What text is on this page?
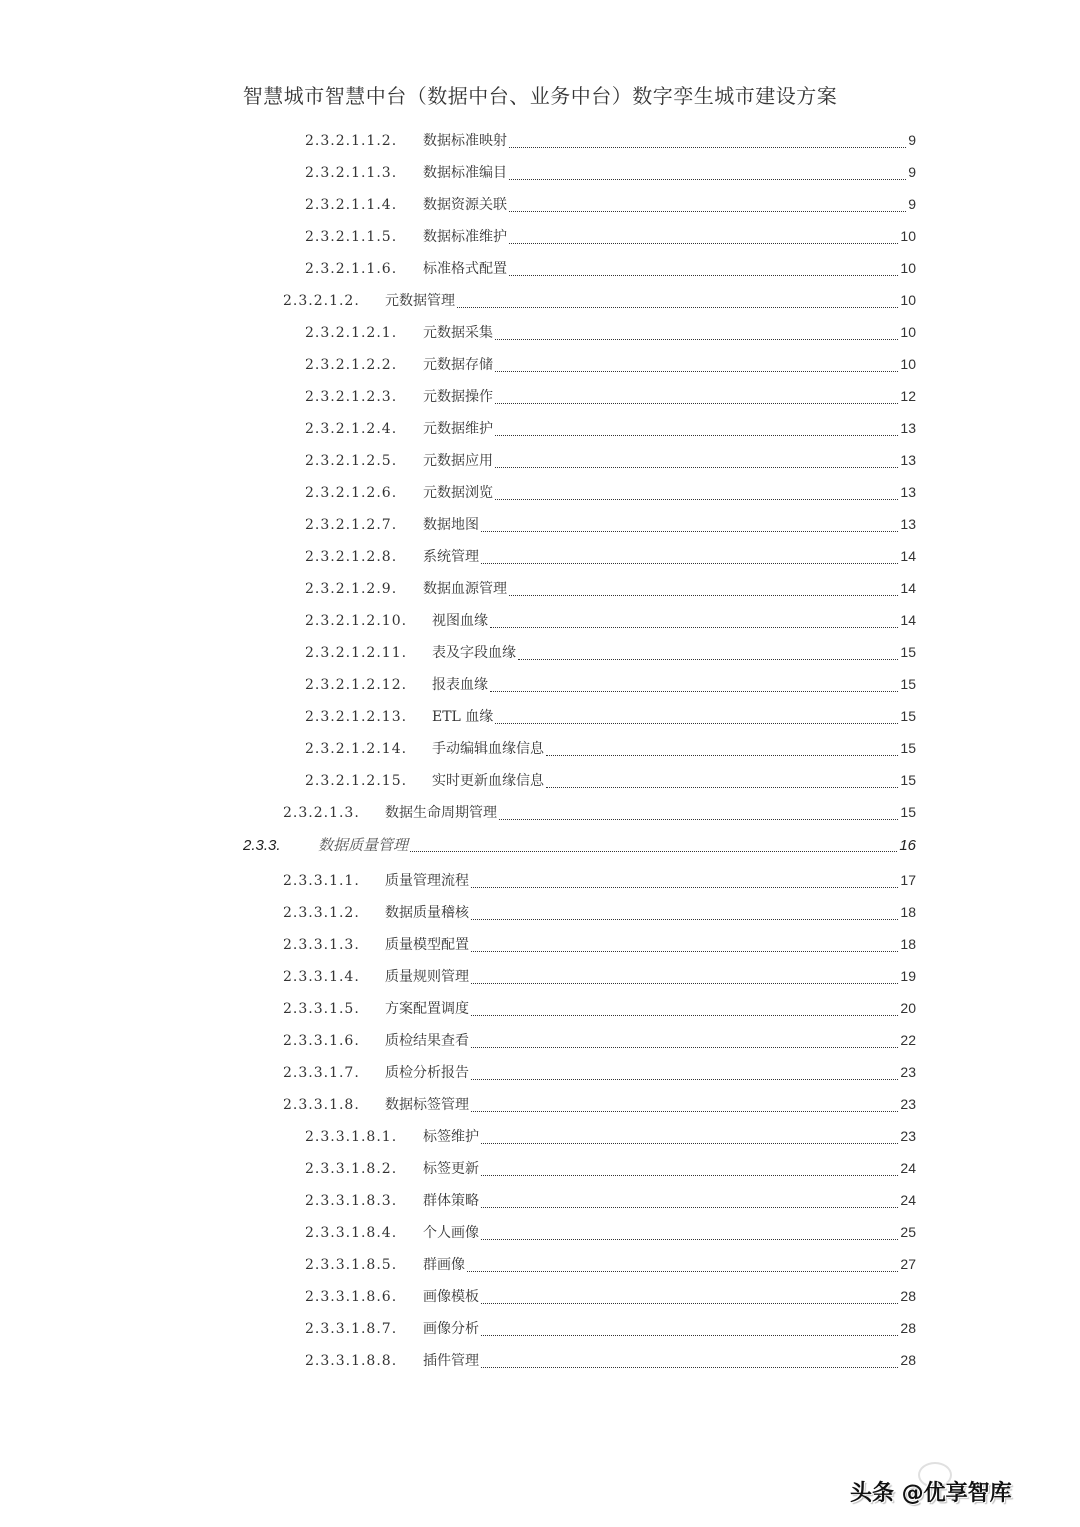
智慧城市智慧中台（数据中台、业务中台）数字孪生城市建设方案
2.3.2.1.1.2.	数据标准映射	9
2.3.2.1.1.3.	数据标准编目	9
2.3.2.1.1.4.	数据资源关联	9
2.3.2.1.1.5.	数据标准维护	10
2.3.2.1.1.6.	标准格式配置	10
2.3.2.1.2.	元数据管理	10
2.3.2.1.2.1.	元数据采集	10
2.3.2.1.2.2.	元数据存储	10
2.3.2.1.2.3.	元数据操作	12
2.3.2.1.2.4.	元数据维护	13
2.3.2.1.2.5.	元数据应用	13
2.3.2.1.2.6.	元数据浏览	13
2.3.2.1.2.7.	数据地图	13
2.3.2.1.2.8.	系统管理	14
2.3.2.1.2.9.	数据血源管理	14
2.3.2.1.2.10.	视图血缘	14
2.3.2.1.2.11.	表及字段血缘	15
2.3.2.1.2.12.	报表血缘	15
2.3.2.1.2.13.	ETL 血缘	15
2.3.2.1.2.14.	手动编辑血缘信息	15
2.3.2.1.2.15.	实时更新血缘信息	15
2.3.2.1.3.	数据生命周期管理	15
2.3.3.	数据质量管理	16
2.3.3.1.1.	质量管理流程	17
2.3.3.1.2.	数据质量稽核	18
2.3.3.1.3.	质量模型配置	18
2.3.3.1.4.	质量规则管理	19
2.3.3.1.5.	方案配置调度	20
2.3.3.1.6.	质检结果查看	22
2.3.3.1.7.	质检分析报告	23
2.3.3.1.8.	数据标签管理	23
2.3.3.1.8.1.	标签维护	23
2.3.3.1.8.2.	标签更新	24
2.3.3.1.8.3.	群体策略	24
2.3.3.1.8.4.	个人画像	25
2.3.3.1.8.5.	群画像	27
2.3.3.1.8.6.	画像模板	28
2.3.3.1.8.7.	画像分析	28
2.3.3.1.8.8.	插件管理	28
头条 @优享智库
